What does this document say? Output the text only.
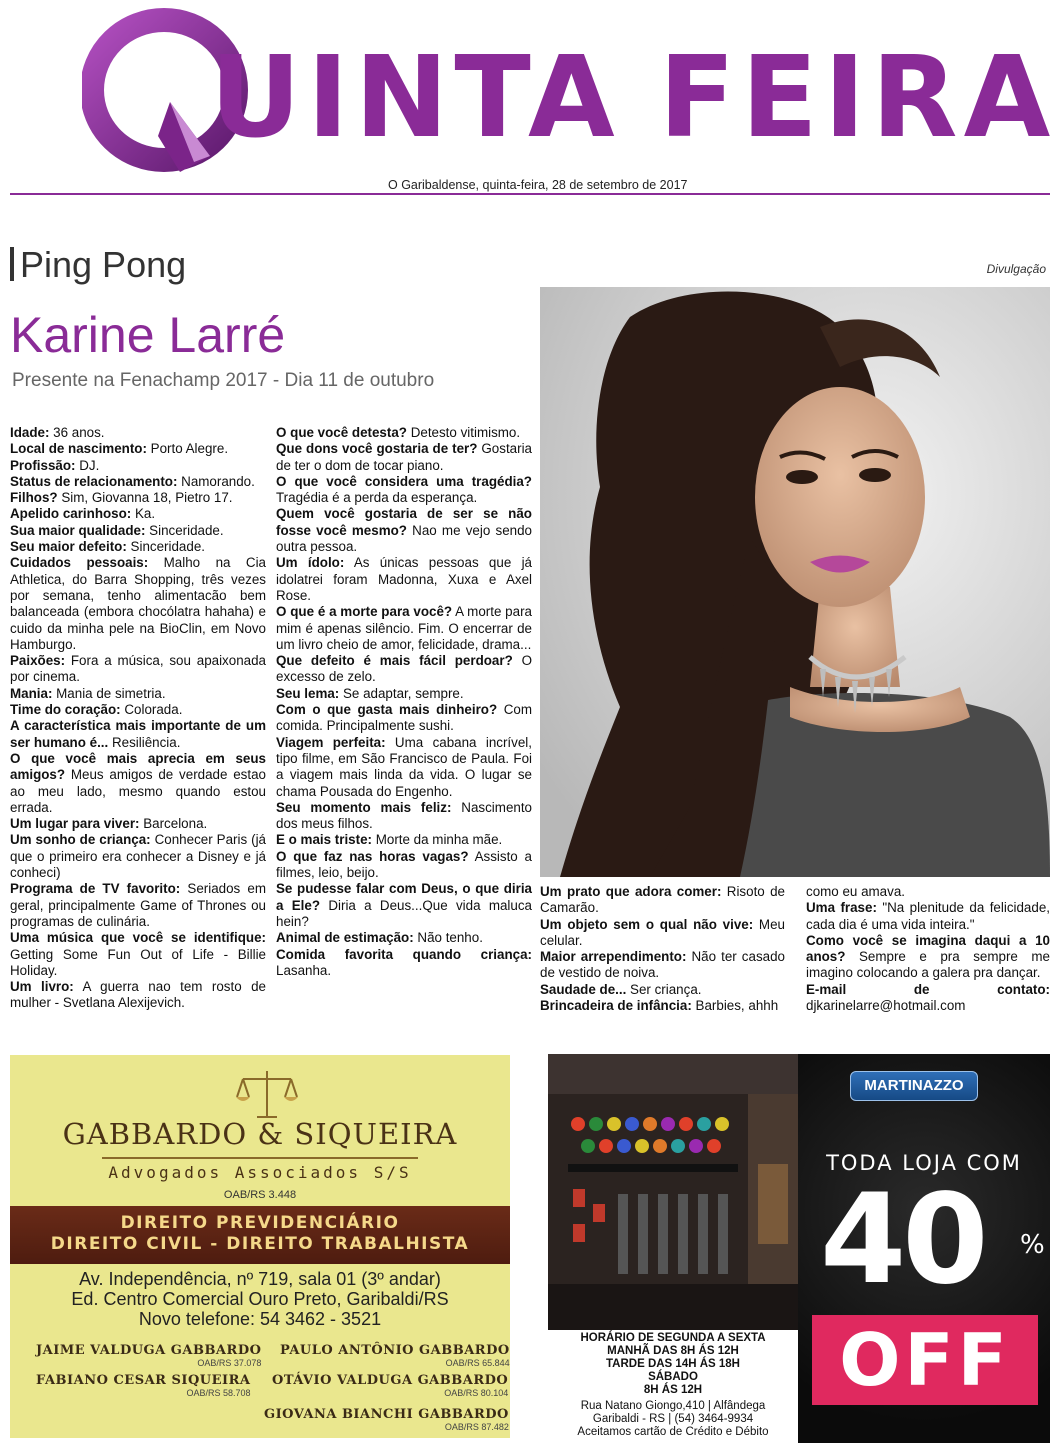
UINTA FEIRA
O Garibaldense, quinta-feira, 28 de setembro de 2017
Ping Pong	Divulgação
Karine Larré
Presente na Fenachamp 2017 - Dia 11 de outubro

Idade: 36 anos.

Local de nascimento: Porto Alegre.

Profissão: DJ.

Status de relacionamento: Namorando.

Filhos? Sim, Giovanna 18, Pietro 17.

Apelido carinhoso: Ka.

Sua maior qualidade: Sinceridade.

Seu maior defeito: Sinceridade.

Cuidados pessoais: Malho na Cia Athletica, do Barra Shopping, três vezes por semana, tenho alimentacão bem balanceada (embora chocólatra hahaha) e cuido da minha pele na BioClin, em Novo Hamburgo.

Paixões: Fora a música, sou apaixonada por cinema.

Mania: Mania de simetria.

Time do coração: Colorada.

A característica mais importante de um ser humano é... Resiliência.

O que você mais aprecia em seus amigos? Meus amigos de verdade estao ao meu lado, mesmo quando estou errada.

Um lugar para viver: Barcelona.

Um sonho de criança: Conhecer Paris (já que o primeiro era conhecer a Disney e já conheci)

Programa de TV favorito: Seriados em geral, principalmente Game of Thrones ou programas de culinária.

Uma música que você se identifique: Getting Some Fun Out of Life - Billie Holiday.

Um livro: A guerra nao tem rosto de mulher - Svetlana Alexijevich.

O que você detesta? Detesto vitimismo.

Que dons você gostaria de ter? Gostaria de ter o dom de tocar piano.

O que você considera uma tragédia? Tragédia é a perda da esperança.

Quem você gostaria de ser se não fosse você mesmo? Nao me vejo sendo outra pessoa.

Um ídolo: As únicas pessoas que já idolatrei foram Madonna, Xuxa e Axel Rose.

O que é a morte para você? A morte para mim é apenas silêncio. Fim. O encerrar de um livro cheio de amor, felicidade, drama...

Que defeito é mais fácil perdoar? O excesso de zelo.

Seu lema: Se adaptar, sempre.

Com o que gasta mais dinheiro? Com comida. Principalmente sushi.

Viagem perfeita: Uma cabana incrível, tipo filme, em São Francisco de Paula. Foi a viagem mais linda da vida. O lugar se chama Pousada do Engenho.

Seu momento mais feliz: Nascimento dos meus filhos.

E o mais triste: Morte da minha mãe.

O que faz nas horas vagas? Assisto a filmes, leio, beijo.

Se pudesse falar com Deus, o que diria a Ele? Diria a Deus...Que vida maluca hein?

Animal de estimação: Não tenho.

Comida favorita quando criança: Lasanha.

Um prato que adora comer: Risoto de Camarão.

Um objeto sem o qual não vive: Meu celular.

Maior arrependimento: Não ter casado de vestido de noiva.

Saudade de... Ser criança.

Brincadeira de infância: Barbies, ahhh

como eu amava.

Uma frase: "Na plenitude da felicidade, cada dia é uma vida inteira."

Como você se imagina daqui a 10 anos? Sempre e pra sempre me imagino colocando a galera pra dançar.

E-mail de contato: djkarinelarre@hotmail.com

GABBARDO & SIQUEIRA
Advogados Associados S/S
OAB/RS 3.448
DIREITO PREVIDENCIÁRIO
DIREITO CIVIL - DIREITO TRABALHISTA
Av. Independência, nº 719, sala 01 (3º andar)
Ed. Centro Comercial Ouro Preto, Garibaldi/RS
Novo telefone: 54 3462 - 3521
JAIME VALDUGA GABBARDO
OAB/RS 37.078
PAULO ANTÔNIO GABBARDO
OAB/RS 65.844
FABIANO CESAR SIQUEIRA
OAB/RS 58.708
OTÁVIO VALDUGA GABBARDO
OAB/RS 80.104
GIOVANA BIANCHI GABBARDO
OAB/RS 87.482
HORÁRIO DE SEGUNDA A SEXTA
MANHÃ DAS 8H ÁS 12H
TARDE DAS 14H ÁS 18H
SÁBADO
8H ÁS 12H
Rua Natano Giongo,410 | Alfândega
Garibaldi - RS | (54) 3464-9934
Aceitamos cartão de Crédito e Débito
MARTINAZZO
TODA LOJA COM
40 %
OFF
